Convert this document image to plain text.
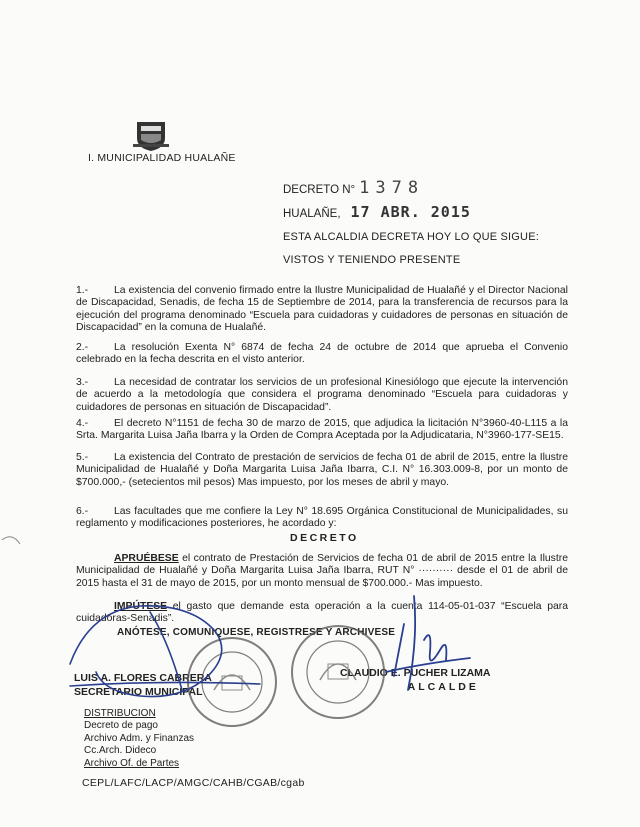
I. MUNICIPALIDAD HUALAÑE
DECRETO N° 1378
HUALAÑE, 17 ABR. 2015
ESTA ALCALDIA DECRETA HOY LO QUE SIGUE:
VISTOS Y TENIENDO PRESENTE
1.- La existencia del convenio firmado entre la Ilustre Municipalidad de Hualañé y el Director Nacional de Discapacidad, Senadis, de fecha 15 de Septiembre de 2014, para la transferencia de recursos para la ejecución del programa denominado “Escuela para cuidadoras y cuidadores de personas en situación de Discapacidad” en la comuna de Hualañé.
2.- La resolución Exenta N° 6874 de fecha 24 de octubre de 2014 que aprueba el Convenio celebrado en la fecha descrita en el visto anterior.
3.- La necesidad de contratar los servicios de un profesional Kinesiólogo que ejecute la intervención de acuerdo a la metodología que considera el programa denominado “Escuela para cuidadoras y cuidadores de personas en situación de Discapacidad”.
4.- El decreto N°1151 de fecha 30 de marzo de 2015, que adjudica la licitación N°3960-40-L115 a la Srta. Margarita Luisa Jaña Ibarra y la Orden de Compra Aceptada por la Adjudicataria, N°3960-177-SE15.
5.- La existencia del Contrato de prestación de servicios de fecha 01 de abril de 2015, entre la Ilustre Municipalidad de Hualañé y Doña Margarita Luisa Jaña Ibarra, C.I. N° 16.303.009-8, por un monto de $700.000,- (setecientos mil pesos) Mas impuesto, por los meses de abril y mayo.
6.- Las facultades que me confiere la Ley N° 18.695 Orgánica Constitucional de Municipalidades, su reglamento y modificaciones posteriores, he acordado y:
DECRETO
APRUÉBESE el contrato de Prestación de Servicios de fecha 01 de abril de 2015 entre la Ilustre Municipalidad de Hualañé y Doña Margarita Luisa Jaña Ibarra, RUT N° ·········· desde el 01 de abril de 2015 hasta el 31 de mayo de 2015, por un monto mensual de $700.000.- Mas impuesto.
IMPÚTESE el gasto que demande esta operación a la cuenta 114-05-01-037 “Escuela para cuidadoras-Senadis”.
ANÓTESE, COMUNIQUESE, REGISTRESE Y ARCHIVESE
LUIS A. FLORES CABRERA
SECRETARIO MUNICIPAL
CLAUDIO E. PUCHER LIZAMA
ALCALDE
DISTRIBUCION
Decreto de pago
Archivo Adm. y Finanzas
Cc.Arch. Dideco
Archivo Of. de Partes
CEPL/LAFC/LACP/AMGC/CAHB/CGAB/cgab
